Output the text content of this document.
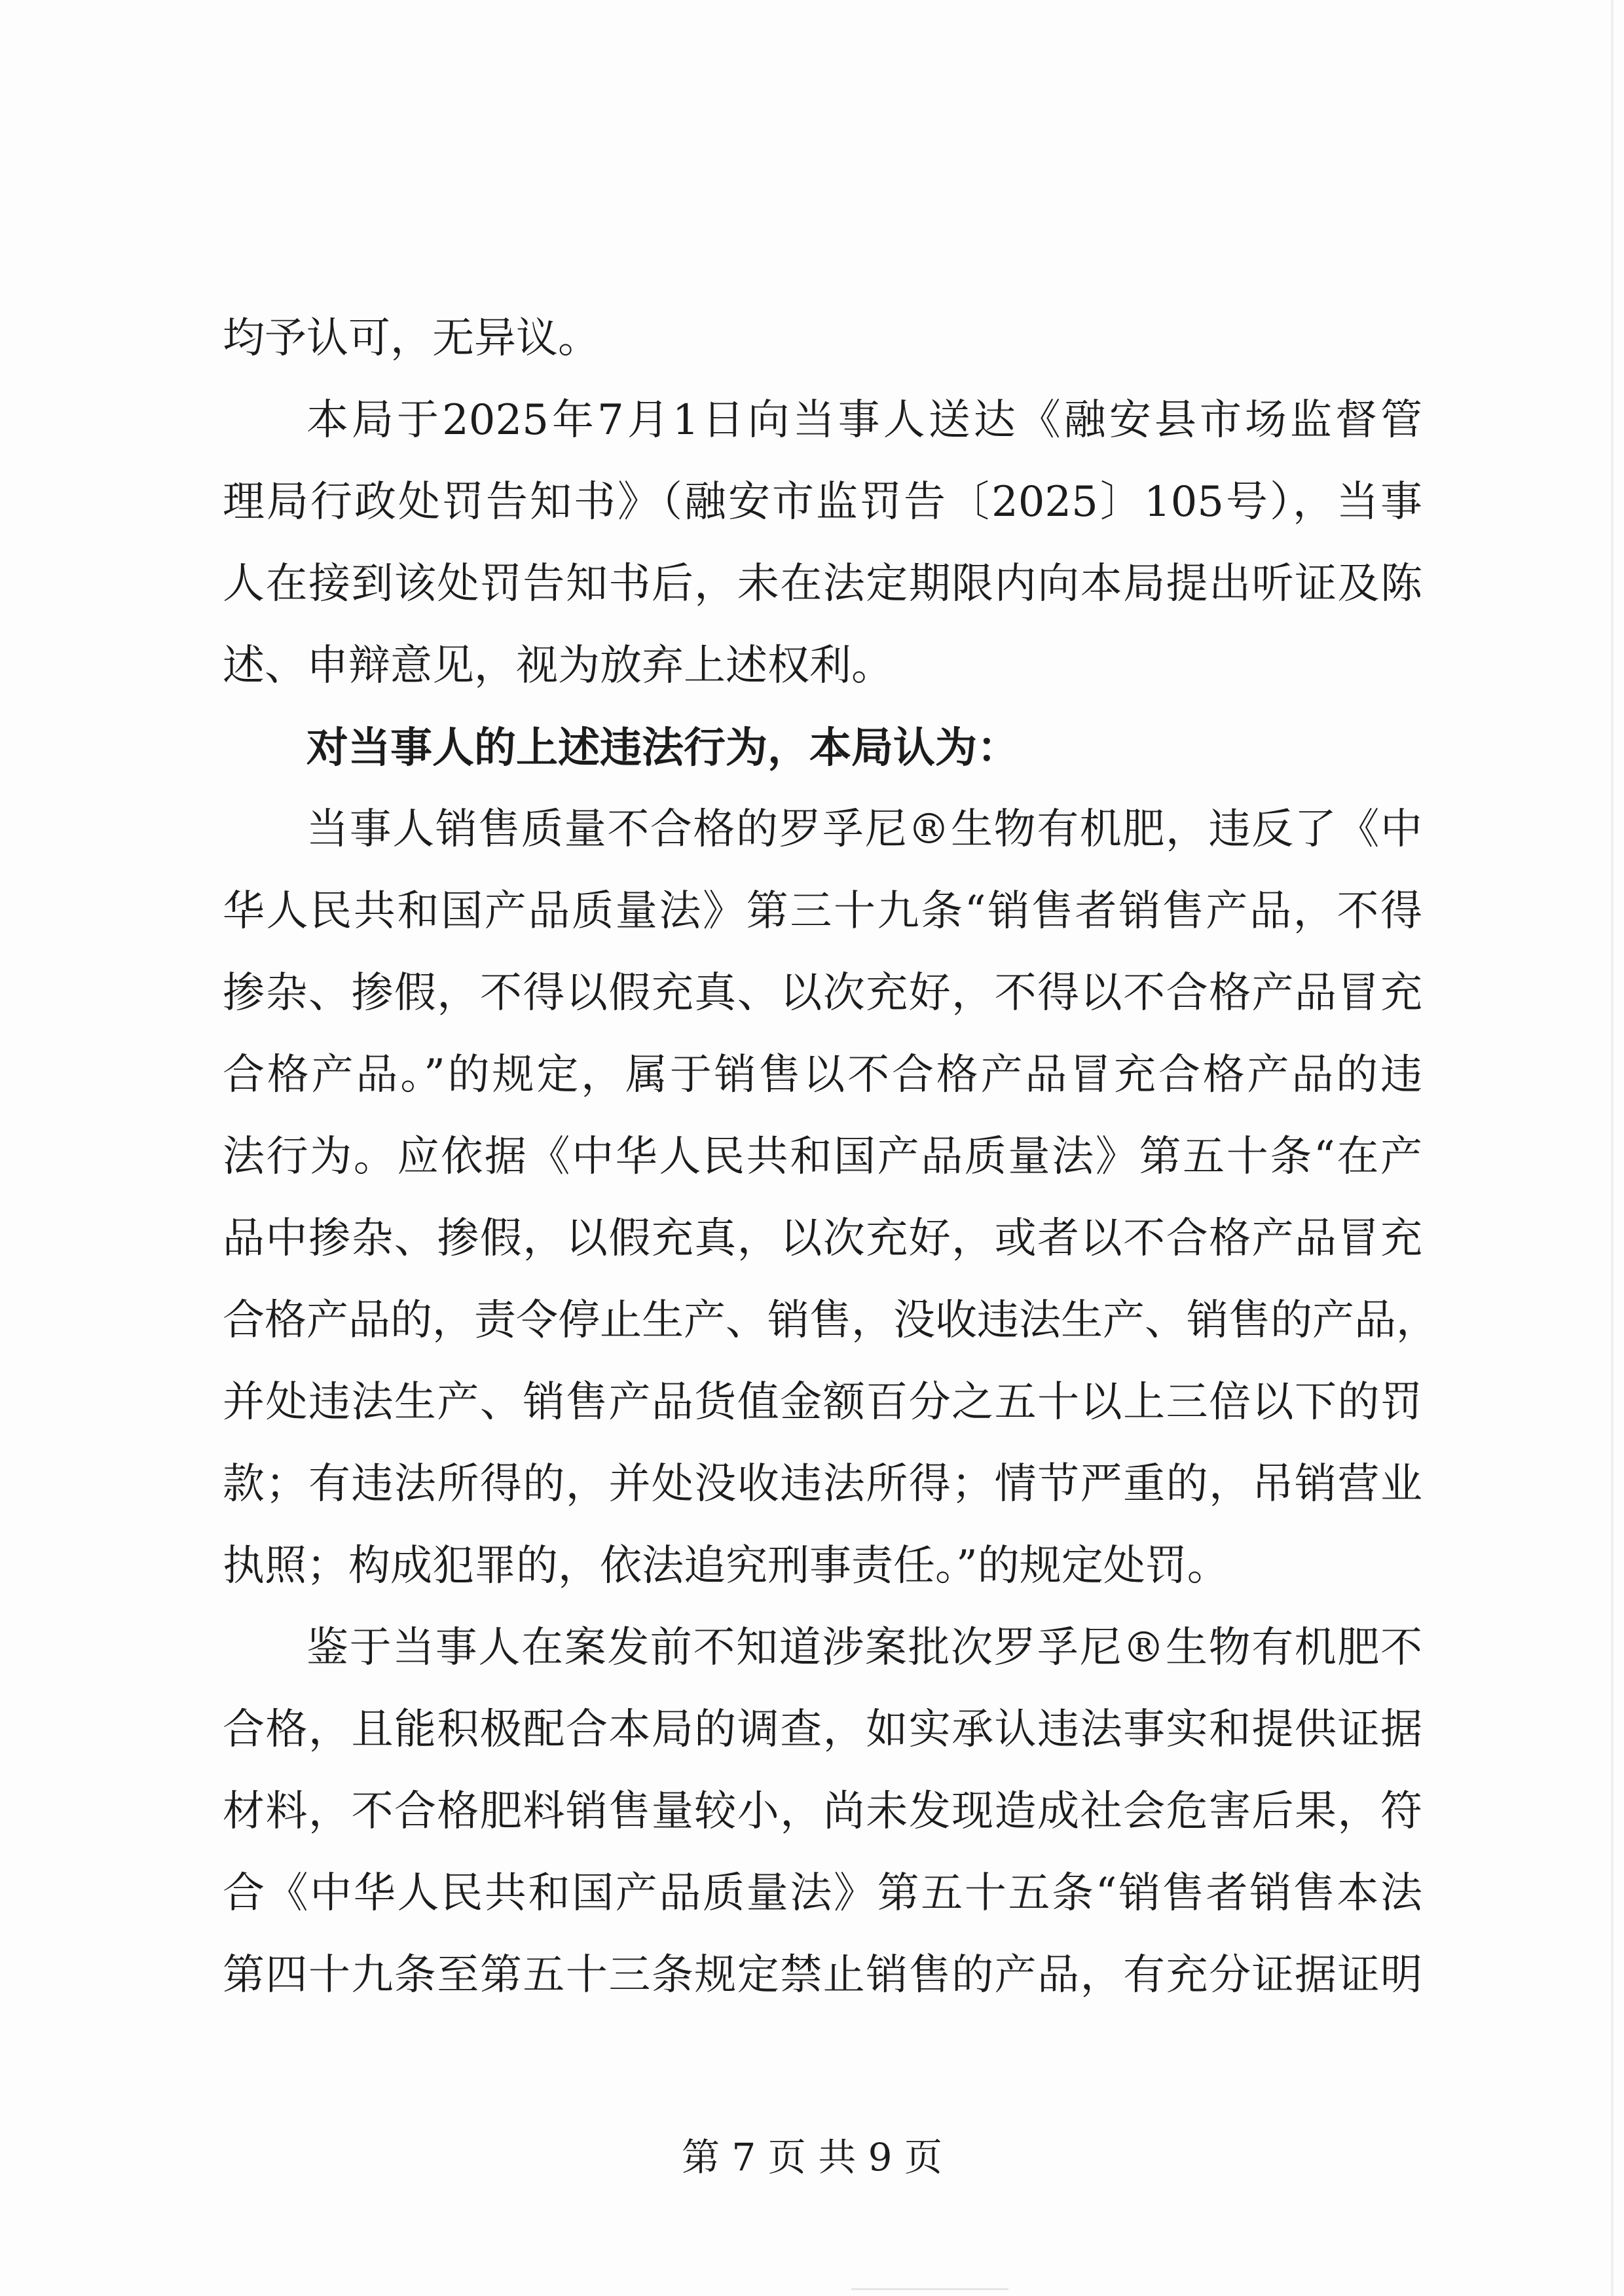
均予认可，无异议。
本局于2025年7月1日向当事人送达《融安县市场监督管
理局行政处罚告知书》（融安市监罚告〔2025〕105号），当事
人在接到该处罚告知书后，未在法定期限内向本局提出听证及陈
述、申辩意见，视为放弃上述权利。
对当事人的上述违法行为，本局认为：
当事人销售质量不合格的罗孚尼®生物有机肥，违反了《中
华人民共和国产品质量法》第三十九条“销售者销售产品，不得
掺杂、掺假，不得以假充真、以次充好，不得以不合格产品冒充
合格产品。”的规定，属于销售以不合格产品冒充合格产品的违
法行为。应依据《中华人民共和国产品质量法》第五十条“在产
品中掺杂、掺假，以假充真，以次充好，或者以不合格产品冒充
合格产品的，责令停止生产、销售，没收违法生产、销售的产品，
并处违法生产、销售产品货值金额百分之五十以上三倍以下的罚
款；有违法所得的，并处没收违法所得；情节严重的，吊销营业
执照；构成犯罪的，依法追究刑事责任。”的规定处罚。
鉴于当事人在案发前不知道涉案批次罗孚尼®生物有机肥不
合格，且能积极配合本局的调查，如实承认违法事实和提供证据
材料，不合格肥料销售量较小，尚未发现造成社会危害后果，符
合《中华人民共和国产品质量法》第五十五条“销售者销售本法
第四十九条至第五十三条规定禁止销售的产品，有充分证据证明
第 7 页 共 9 页
